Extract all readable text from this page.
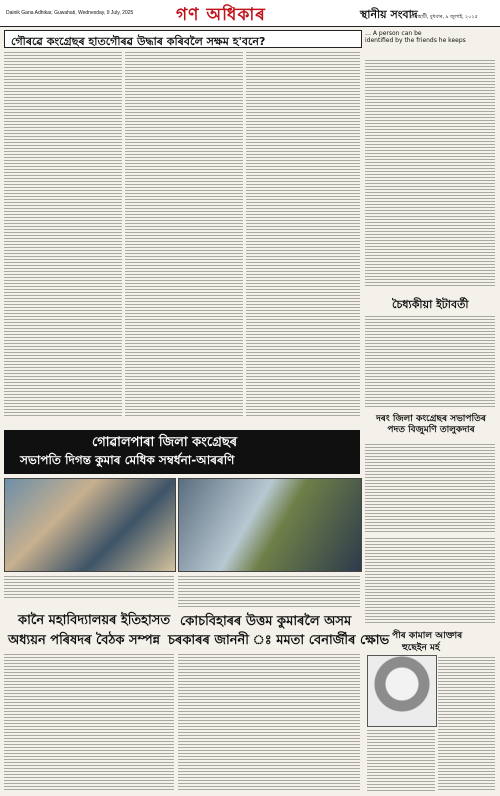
Dainik Gana Adhikar, Guwahati, Wednesday, 9 July, 2025	গণ অধিকাৰ	স্থানীয় সংবাদ
গুৱাহাটী, বুধবাৰ, ৯ জুলাই, ২০২৫
গৌৰৱে কংগ্ৰেছৰ হাতগৌৰৱ উদ্ধাৰ কৰিবলৈ সক্ষম হ'বনে?
… A person can be
identified by the friends he keeps
চৈধ্যকীয়া ইটাবৰ্তী
দৰং জিলা কংগ্ৰেছৰ সভাপতিৰ পদত বিজুমণি তালুকদাৰ
গোৱালপাৰা জিলা কংগ্ৰেছৰ
সভাপতি দিগন্ত কুমাৰ মেধিক সম্বৰ্ধনা-আৰৰণি
কানৈ মহাবিদ্যালয়ৰ ইতিহাসত
অধ্যয়ন পৰিষদৰ বৈঠক সম্পন্ন
কোচবিহাৰৰ উত্তম কুমাৰলৈ অসম
চৰকাৰৰ জাননী ঃ মমতা বেনাৰ্জীৰ ক্ষোভ পীৰ কামাল আক্তাৰ
হুছেইন মৰ্হ
